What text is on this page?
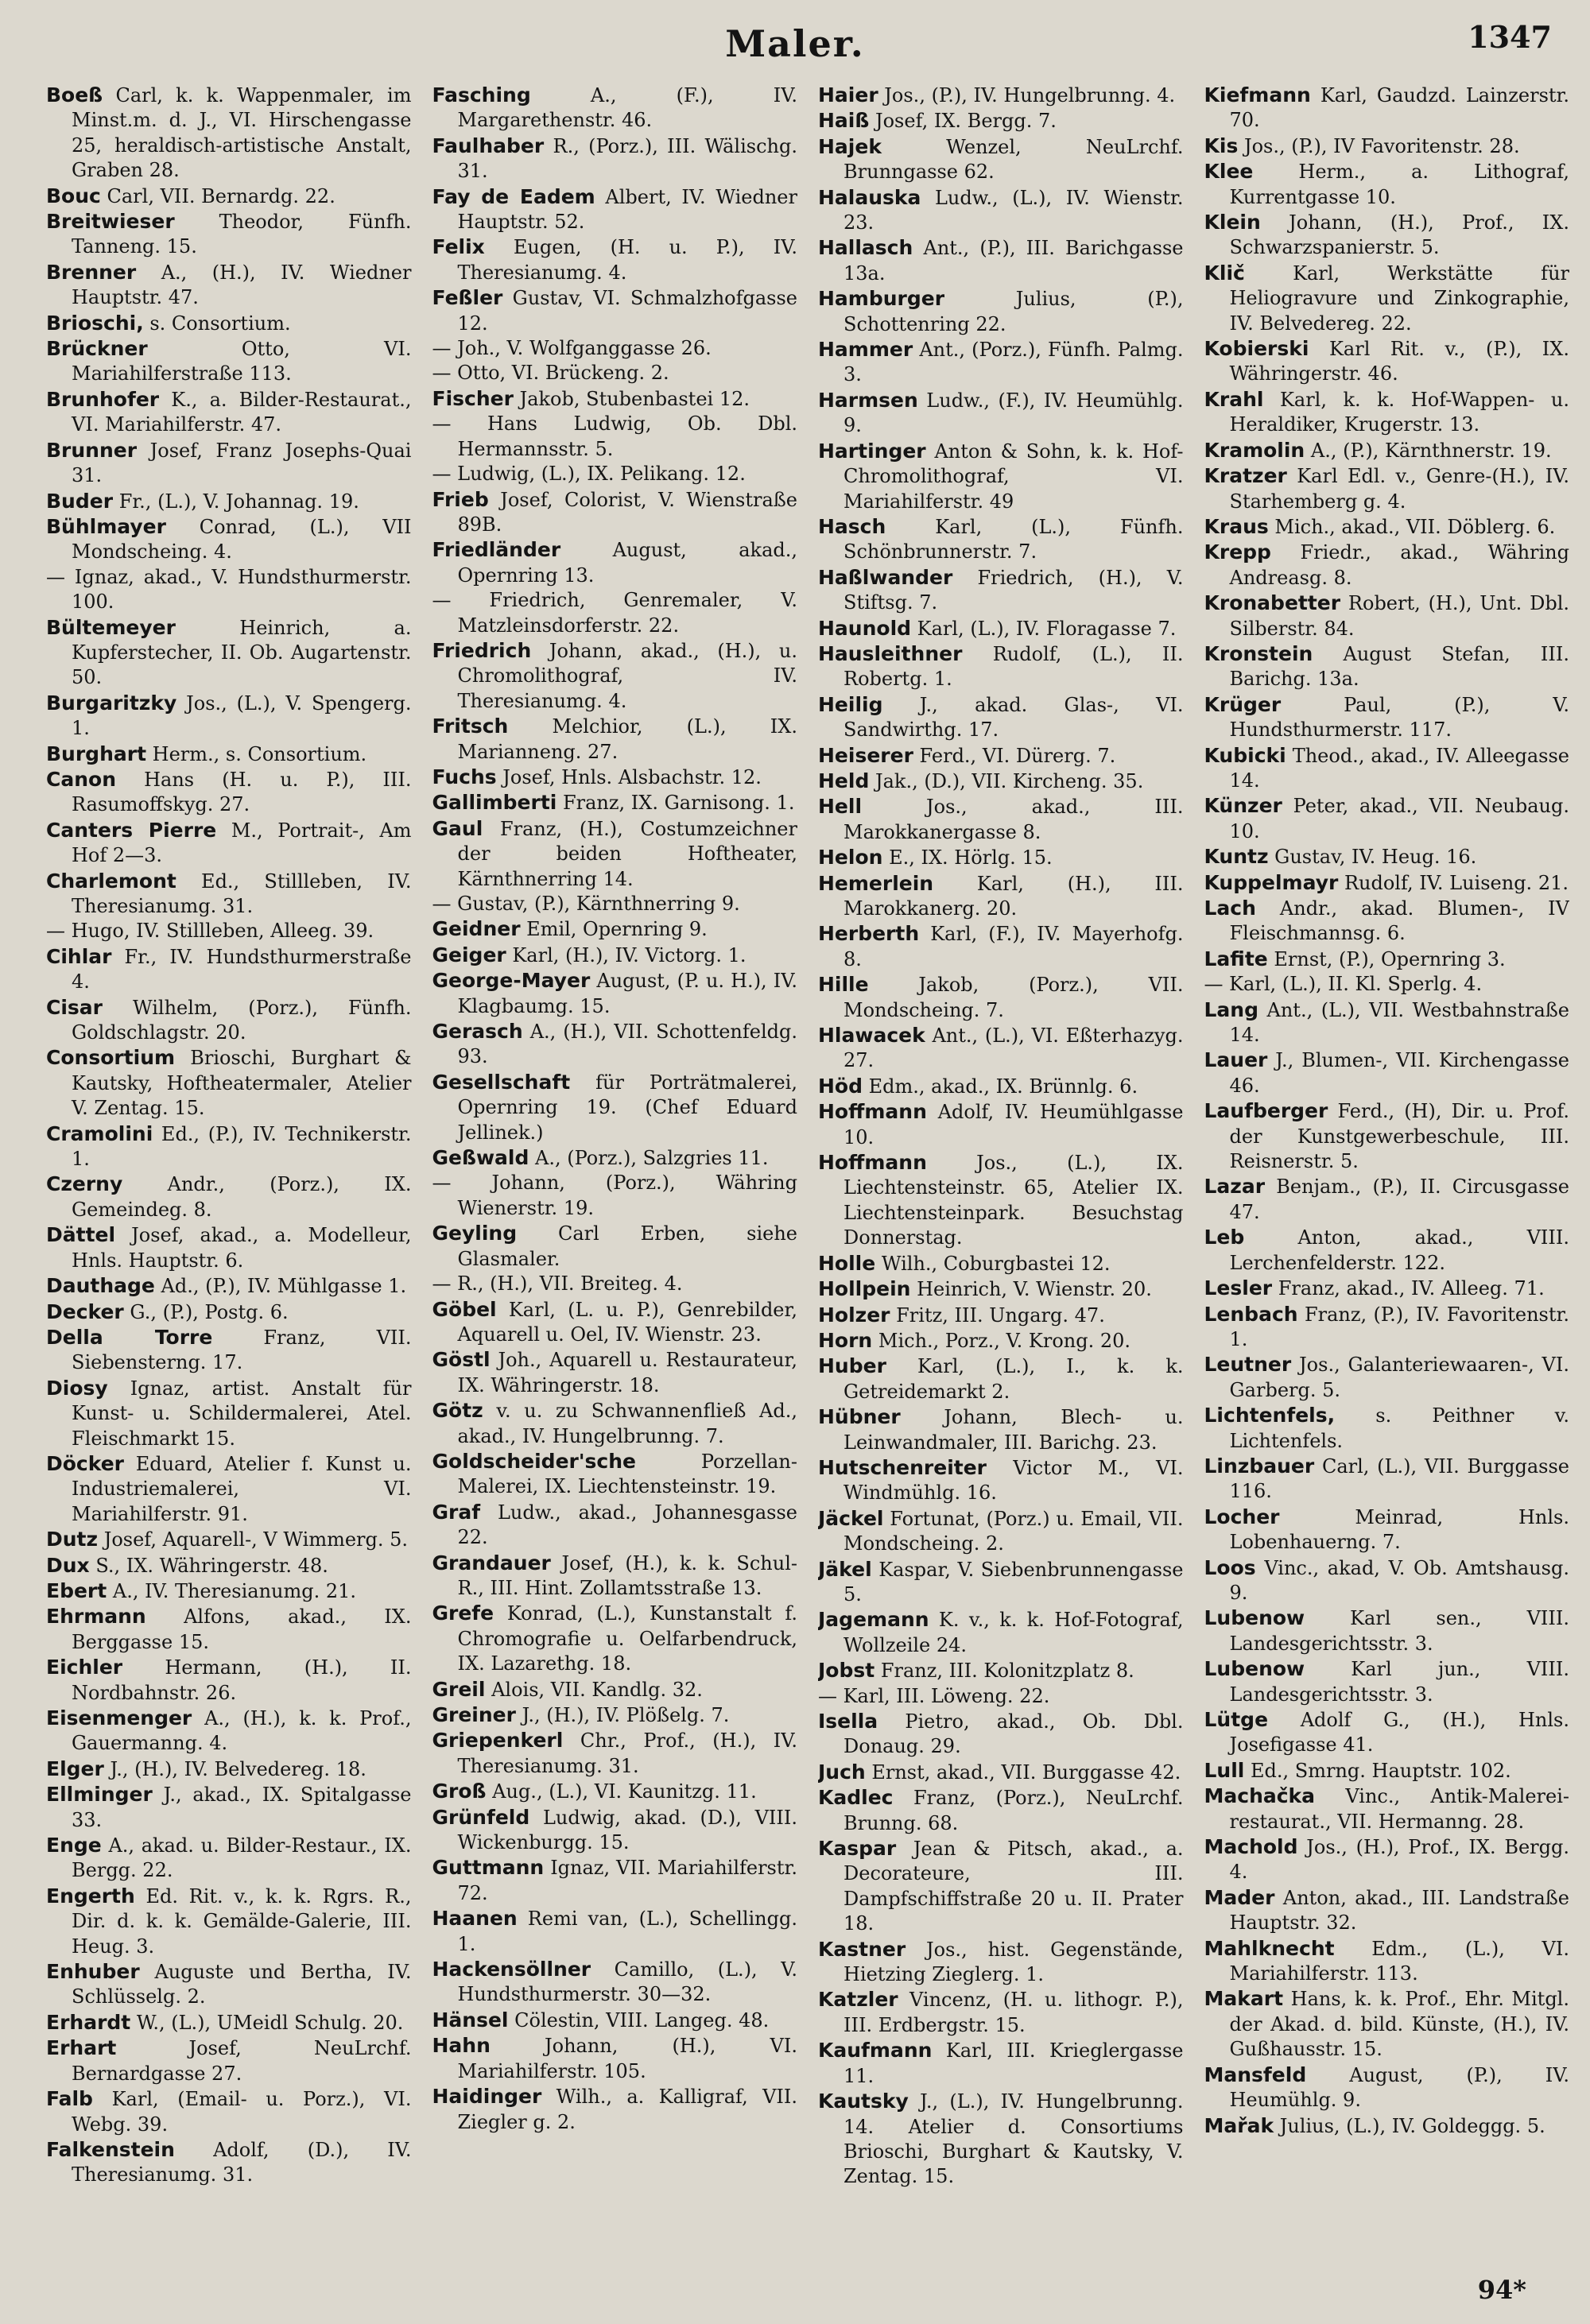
Maler.	1347
Boeß Carl, k. k. Wappenmaler, im Minst.m. d. J., VI. Hirschengasse 25, heraldisch-artistische Anstalt, Graben 28.
Bouc Carl, VII. Bernardg. 22.
Breitwieser Theodor, Fünfh. Tanneng. 15.
Brenner A., (H.), IV. Wiedner Hauptstr. 47.
Brioschi, s. Consortium.
Brückner	Otto, VI. Mariahilferstraße 113.
Brunhofer K., a. Bilder-Restaurat., VI. Mariahilferstr. 47.
Brunner Josef, Franz Josephs-Quai 31.
Buder Fr., (L.), V. Johannag. 19.
Bühlmayer Conrad, (L.), VII Mondscheing. 4.
— Ignaz, akad., V. Hundsthurmerstr. 100.
Bültemeyer	Heinrich, a. Kupferstecher, II. Ob. Augartenstr. 50.
Burgaritzky Jos., (L.), V. Spengerg. 1.
Burghart Herm., s. Consortium.
Canon Hans (H. u. P.), III. Rasumoffskyg. 27.
Canters Pierre M., Portrait-, Am Hof 2—3.
Charlemont Ed., Stillleben, IV. Theresianumg. 31.
— Hugo, IV. Stillleben, Alleeg. 39.
Cihlar Fr., IV. Hundsthurmerstraße 4.
Cisar Wilhelm, (Porz.), Fünfh. Goldschlagstr. 20.
Consortium Brioschi, Burghart & Kautsky, Hoftheatermaler, Atelier V. Zentag. 15.
Cramolini Ed., (P.), IV. Technikerstr. 1.
Czerny Andr., (Porz.), IX. Gemeindeg. 8.
Dättel Josef, akad., a. Modelleur, Hnls. Hauptstr. 6.
Dauthage Ad., (P.), IV. Mühlgasse 1.
Decker G., (P.), Postg. 6.
Della Torre	Franz, VII. Siebensterng. 17.
Diosy Ignaz, artist. Anstalt für Kunst- u. Schildermalerei, Atel. Fleischmarkt 15.
Döcker Eduard, Atelier f. Kunst u. Industriemalerei, VI. Mariahilferstr. 91.
Dutz Josef, Aquarell-, V Wimmerg. 5.
Dux S., IX. Währingerstr. 48.
Ebert A., IV. Theresianumg. 21.
Ehrmann Alfons, akad., IX. Berggasse 15.
Eichler Hermann, (H.), II. Nordbahnstr. 26.
Eisenmenger A., (H.), k. k. Prof., Gauermanng. 4.
Elger J., (H.), IV. Belvedereg. 18.
Ellminger J., akad., IX. Spitalgasse 33.
Enge A., akad. u. Bilder-Restaur., IX. Bergg. 22.
Engerth Ed. Rit. v., k. k. Rgrs. R., Dir. d. k. k. Gemälde-Galerie, III. Heug. 3.
Enhuber Auguste und Bertha, IV. Schlüsselg. 2.
Erhardt W., (L.), UMeidl Schulg. 20.
Erhart	Josef, NeuLrchf. Bernardgasse 27.
Falb Karl, (Email- u. Porz.), VI. Webg. 39.
Falkenstein Adolf, (D.), IV. Theresianumg. 31.
Fasching	A., (F.), IV. Margarethenstr. 46.
Faulhaber R., (Porz.), III. Wälischg. 31.
Fay de Eadem Albert, IV. Wiedner Hauptstr. 52.
Felix Eugen, (H. u. P.), IV. Theresianumg. 4.
Feßler Gustav, VI. Schmalzhofgasse 12.
— Joh., V. Wolfganggasse 26.
— Otto, VI. Brückeng. 2.
Fischer Jakob, Stubenbastei 12.
— Hans Ludwig, Ob. Dbl. Hermannsstr. 5.
— Ludwig, (L.), IX. Pelikang. 12.
Frieb Josef, Colorist, V. Wienstraße 89B.
Friedländer	August, akad., Opernring 13.
— Friedrich, Genremaler, V. Matzleinsdorferstr. 22.
Friedrich Johann, akad., (H.), u. Chromolithograf, IV. Theresianumg. 4.
Fritsch Melchior, (L.), IX. Marianneng. 27.
Fuchs Josef, Hnls. Alsbachstr. 12.
Gallimberti Franz, IX. Garnisong. 1.
Gaul Franz, (H.), Costumzeichner der beiden Hoftheater, Kärnthnerring 14.
— Gustav, (P.), Kärnthnerring 9.
Geidner Emil, Opernring 9.
Geiger Karl, (H.), IV. Victorg. 1.
George-Mayer August, (P. u. H.), IV. Klagbaumg. 15.
Gerasch A., (H.), VII. Schottenfeldg. 93.
Gesellschaft für Porträtmalerei, Opernring 19. (Chef Eduard Jellinek.)
Geßwald A., (Porz.), Salzgries 11.
— Johann, (Porz.), Währing Wienerstr. 19.
Geyling Carl Erben, siehe Glasmaler.
— R., (H.), VII. Breiteg. 4.
Göbel Karl, (L. u. P.), Genrebilder, Aquarell u. Oel, IV. Wienstr. 23.
Göstl Joh., Aquarell u. Restaurateur, IX. Währingerstr. 18.
Götz v. u. zu Schwannenfließ Ad., akad., IV. Hungelbrunng. 7.
Goldscheider'sche	Porzellan-Malerei, IX. Liechtensteinstr. 19.
Graf Ludw., akad., Johannesgasse 22.
Grandauer Josef, (H.), k. k. Schul-R., III. Hint. Zollamtsstraße 13.
Grefe Konrad, (L.), Kunstanstalt f. Chromografie u. Oelfarbendruck, IX. Lazarethg. 18.
Greil Alois, VII. Kandlg. 32.
Greiner J., (H.), IV. Plößelg. 7.
Griepenkerl Chr., Prof., (H.), IV. Theresianumg. 31.
Groß Aug., (L.), VI. Kaunitzg. 11.
Grünfeld Ludwig, akad. (D.), VIII. Wickenburgg. 15.
Guttmann Ignaz, VII. Mariahilferstr. 72.
Haanen Remi van, (L.), Schellingg. 1.
Hackensöllner Camillo, (L.), V. Hundsthurmerstr. 30—32.
Hänsel Cölestin, VIII. Langeg. 48.
Hahn	Johann, (H.), VI. Mariahilferstr. 105.
Haidinger Wilh., a. Kalligraf, VII. Ziegler g. 2.
Haier Jos., (P.), IV. Hungelbrunng. 4.
Haiß Josef, IX. Bergg. 7.
Hajek	Wenzel, NeuLrchf. Brunngasse 62.
Halauska Ludw., (L.), IV. Wienstr. 23.
Hallasch Ant., (P.), III. Barichgasse 13a.
Hamburger	Julius, (P.), Schottenring 22.
Hammer Ant., (Porz.), Fünfh. Palmg. 3.
Harmsen Ludw., (F.), IV. Heumühlg. 9.
Hartinger Anton & Sohn, k. k. Hof-Chromolithograf, VI. Mariahilferstr. 49
Hasch	Karl, (L.), Fünfh. Schönbrunnerstr. 7.
Haßlwander Friedrich, (H.), V. Stiftsg. 7.
Haunold Karl, (L.), IV. Floragasse 7.
Hausleithner Rudolf, (L.), II. Robertg. 1.
Heilig J., akad. Glas-, VI. Sandwirthg. 17.
Heiserer Ferd., VI. Dürerg. 7.
Held Jak., (D.), VII. Kircheng. 35.
Hell	Jos., akad., III. Marokkanergasse 8.
Helon E., IX. Hörlg. 15.
Hemerlein Karl, (H.), III. Marokkanerg. 20.
Herberth Karl, (F.), IV. Mayerhofg. 8.
Hille	Jakob, (Porz.), VII. Mondscheing. 7.
Hlawacek Ant., (L.), VI. Eßterhazyg. 27.
Höd Edm., akad., IX. Brünnlg. 6.
Hoffmann Adolf, IV. Heumühlgasse 10.
Hoffmann	Jos., (L.), IX. Liechtensteinstr. 65, Atelier IX. Liechtensteinpark. Besuchstag Donnerstag.
Holle Wilh., Coburgbastei 12.
Hollpein Heinrich, V. Wienstr. 20.
Holzer Fritz, III. Ungarg. 47.
Horn Mich., Porz., V. Krong. 20.
Huber Karl, (L.), I., k. k. Getreidemarkt 2.
Hübner Johann, Blech- u. Leinwandmaler, III. Barichg. 23.
Hutschenreiter Victor M., VI. Windmühlg. 16.
Jäckel Fortunat, (Porz.) u. Email, VII. Mondscheing. 2.
Jäkel Kaspar, V. Siebenbrunnengasse 5.
Jagemann K. v., k. k. Hof-Fotograf, Wollzeile 24.
Jobst Franz, III. Kolonitzplatz 8.
— Karl, III. Löweng. 22.
Isella Pietro, akad., Ob. Dbl. Donaug. 29.
Juch Ernst, akad., VII. Burggasse 42.
Kadlec Franz, (Porz.), NeuLrchf. Brunng. 68.
Kaspar Jean & Pitsch, akad., a. Decorateure, III. Dampfschiffstraße 20 u. II. Prater 18.
Kastner Jos., hist. Gegenstände, Hietzing Zieglerg. 1.
Katzler Vincenz, (H. u. lithogr. P.), III. Erdbergstr. 15.
Kaufmann Karl, III. Krieglergasse 11.
Kautsky J., (L.), IV. Hungelbrunng. 14. Atelier d. Consortiums Brioschi, Burghart & Kautsky, V. Zentag. 15.
Kiefmann Karl, Gaudzd. Lainzerstr. 70.
Kis Jos., (P.), IV Favoritenstr. 28.
Klee Herm., a. Lithograf, Kurrentgasse 10.
Klein Johann, (H.), Prof., IX. Schwarzspanierstr. 5.
Klič	Karl, Werkstätte für Heliogravure und Zinkographie, IV. Belvedereg. 22.
Kobierski Karl Rit. v., (P.), IX. Währingerstr. 46.
Krahl Karl, k. k. Hof-Wappen- u. Heraldiker, Krugerstr. 13.
Kramolin A., (P.), Kärnthnerstr. 19.
Kratzer Karl Edl. v., Genre-(H.), IV. Starhemberg g. 4.
Kraus Mich., akad., VII. Döblerg. 6.
Krepp Friedr., akad., Währing Andreasg. 8.
Kronabetter Robert, (H.), Unt. Dbl. Silberstr. 84.
Kronstein August Stefan, III. Barichg. 13a.
Krüger	Paul, (P.), V. Hundsthurmerstr. 117.
Kubicki Theod., akad., IV. Alleegasse 14.
Künzer Peter, akad., VII. Neubaug. 10.
Kuntz Gustav, IV. Heug. 16.
Kuppelmayr Rudolf, IV. Luiseng. 21.
Lach Andr., akad. Blumen-, IV Fleischmannsg. 6.
Lafite Ernst, (P.), Opernring 3.
— Karl, (L.), II. Kl. Sperlg. 4.
Lang Ant., (L.), VII. Westbahnstraße 14.
Lauer J., Blumen-, VII. Kirchengasse 46.
Laufberger Ferd., (H), Dir. u. Prof. der Kunstgewerbeschule, III. Reisnerstr. 5.
Lazar Benjam., (P.), II. Circusgasse 47.
Leb	Anton, akad., VIII. Lerchenfelderstr. 122.
Lesler Franz, akad., IV. Alleeg. 71.
Lenbach Franz, (P.), IV. Favoritenstr. 1.
Leutner Jos., Galanteriewaaren-, VI. Garberg. 5.
Lichtenfels, s. Peithner v. Lichtenfels.
Linzbauer Carl, (L.), VII. Burggasse 116.
Locher	Meinrad, Hnls. Lobenhauerng. 7.
Loos Vinc., akad, V. Ob. Amtshausg. 9.
Lubenow Karl sen., VIII. Landesgerichtsstr. 3.
Lubenow Karl jun., VIII. Landesgerichtsstr. 3.
Lütge Adolf G., (H.), Hnls. Josefigasse 41.
Lull Ed., Smrng. Hauptstr. 102.
Machačka Vinc., Antik-Malerei-restaurat., VII. Hermanng. 28.
Machold Jos., (H.), Prof., IX. Bergg. 4.
Mader Anton, akad., III. Landstraße Hauptstr. 32.
Mahlknecht Edm., (L.), VI. Mariahilferstr. 113.
Makart Hans, k. k. Prof., Ehr. Mitgl. der Akad. d. bild. Künste, (H.), IV. Gußhausstr. 15.
Mansfeld August, (P.), IV. Heumühlg. 9.
Mařak Julius, (L.), IV. Goldeggg. 5.
94*
